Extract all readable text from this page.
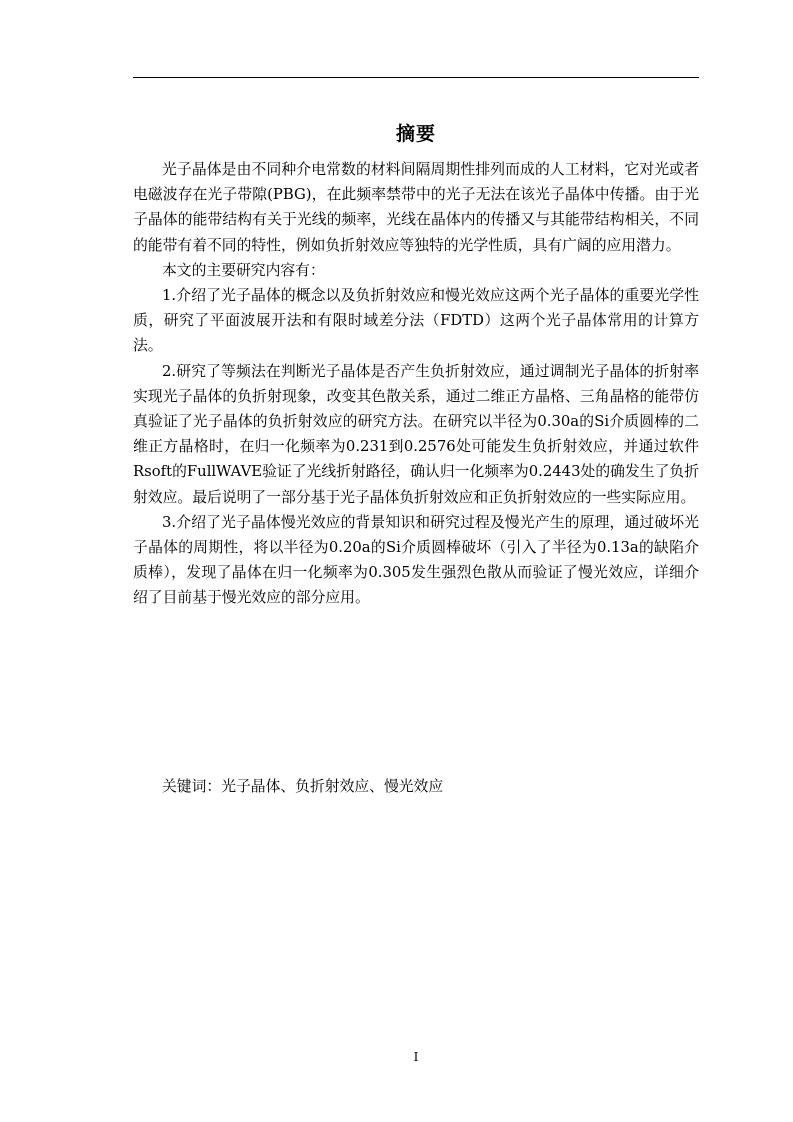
摘要

光子晶体是由不同种介电常数的材料间隔周期性排列而成的人工材料，它对光或者电磁波存在光子带隙(PBG)，在此频率禁带中的光子无法在该光子晶体中传播。由于光子晶体的能带结构有关于光线的频率，光线在晶体内的传播又与其能带结构相关，不同的能带有着不同的特性，例如负折射效应等独特的光学性质，具有广阔的应用潜力。

本文的主要研究内容有：

1.介绍了光子晶体的概念以及负折射效应和慢光效应这两个光子晶体的重要光学性质，研究了平面波展开法和有限时域差分法（FDTD）这两个光子晶体常用的计算方法。

2.研究了等频法在判断光子晶体是否产生负折射效应，通过调制光子晶体的折射率实现光子晶体的负折射现象，改变其色散关系，通过二维正方晶格、三角晶格的能带仿真验证了光子晶体的负折射效应的研究方法。在研究以半径为0.30a的Si介质圆棒的二维正方晶格时，在归一化频率为0.231到0.2576处可能发生负折射效应，并通过软件Rsoft的FullWAVE验证了光线折射路径，确认归一化频率为0.2443处的确发生了负折射效应。最后说明了一部分基于光子晶体负折射效应和正负折射效应的一些实际应用。

3.介绍了光子晶体慢光效应的背景知识和研究过程及慢光产生的原理，通过破坏光子晶体的周期性，将以半径为0.20a的Si介质圆棒破坏（引入了半径为0.13a的缺陷介质棒），发现了晶体在归一化频率为0.305发生强烈色散从而验证了慢光效应，详细介绍了目前基于慢光效应的部分应用。

关键词：光子晶体、负折射效应、慢光效应

I
